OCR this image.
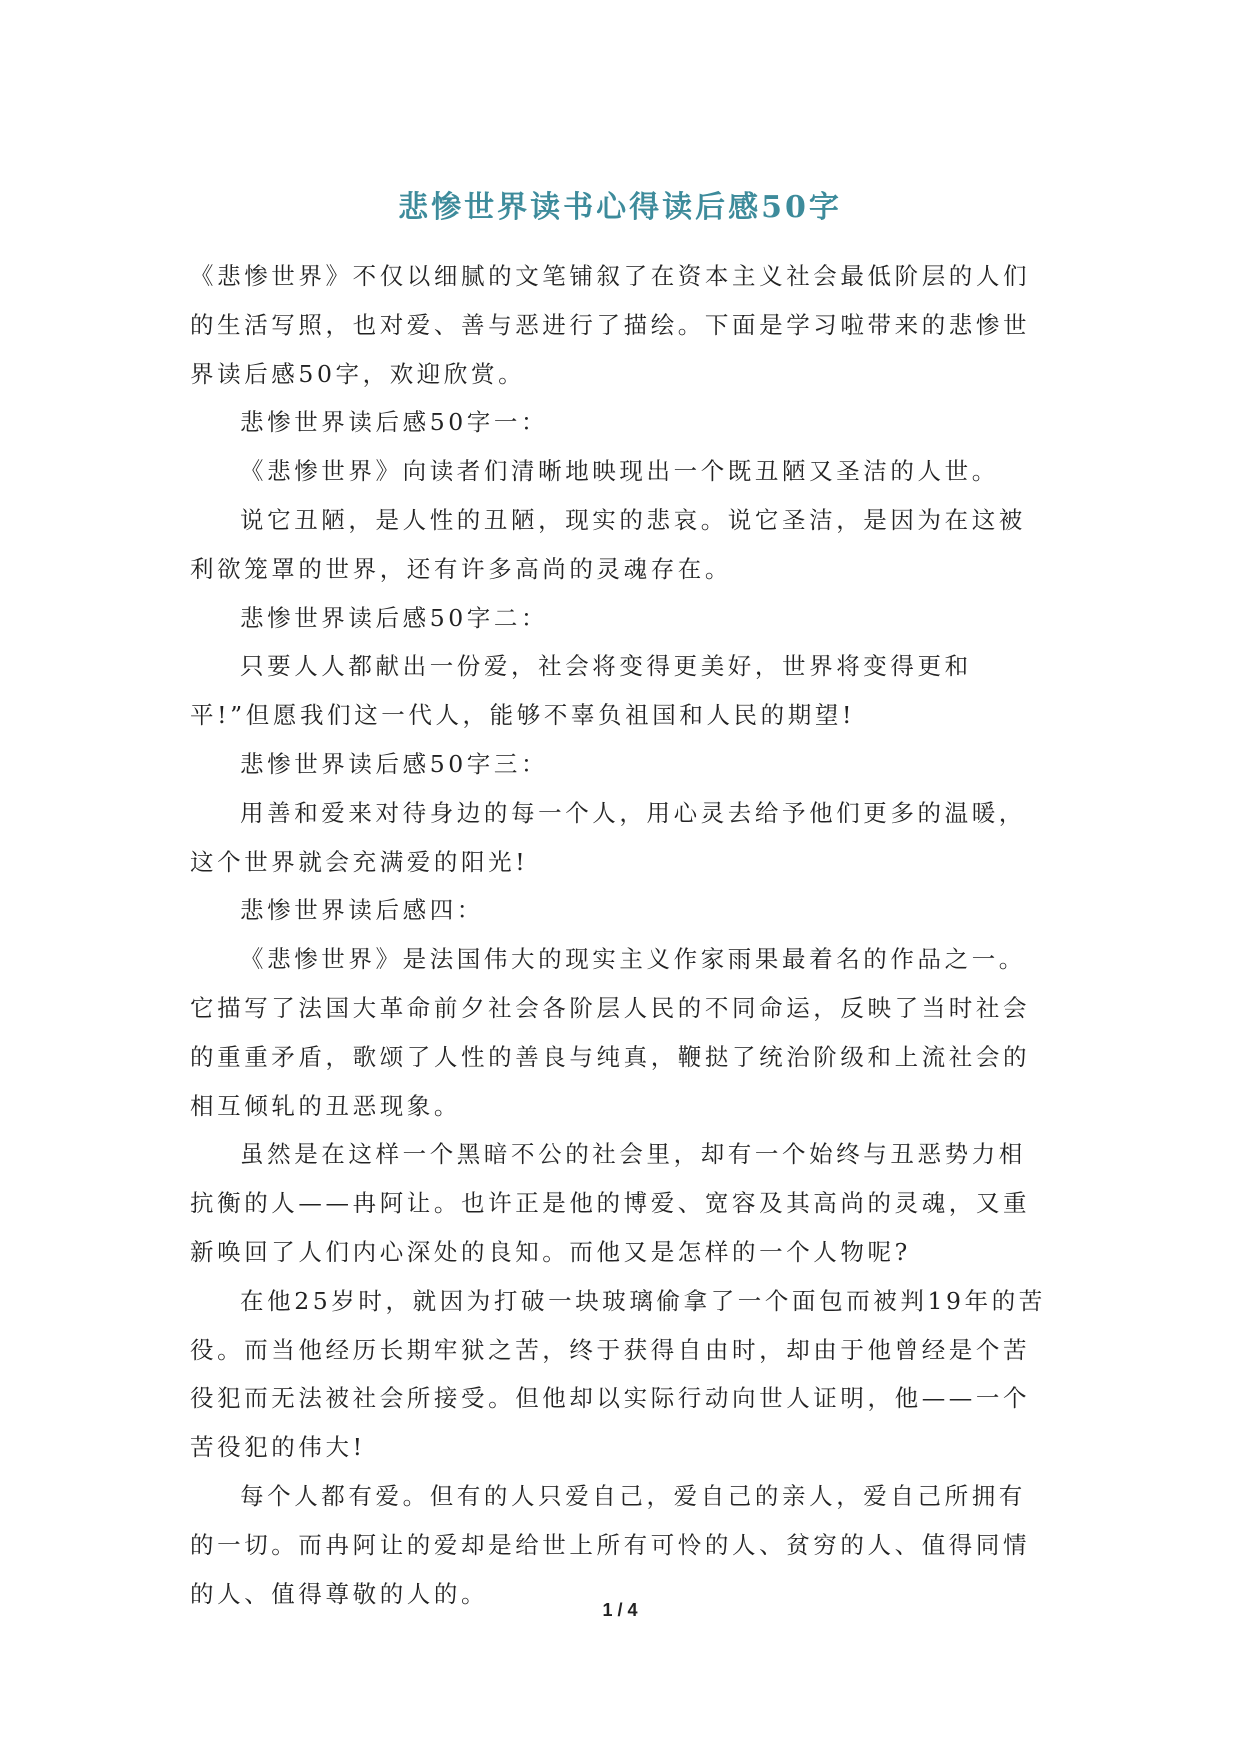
悲惨世界读书心得读后感50字

《悲惨世界》不仅以细腻的文笔铺叙了在资本主义社会最低阶层的人们的生活写照，也对爱、善与恶进行了描绘。下面是学习啦带来的悲惨世界读后感50字，欢迎欣赏。

悲惨世界读后感50字一：

《悲惨世界》向读者们清晰地映现出一个既丑陋又圣洁的人世。

说它丑陋，是人性的丑陋，现实的悲哀。说它圣洁，是因为在这被利欲笼罩的世界，还有许多高尚的灵魂存在。

悲惨世界读后感50字二：

只要人人都献出一份爱，社会将变得更美好，世界将变得更和平!”但愿我们这一代人，能够不辜负祖国和人民的期望!

悲惨世界读后感50字三：

用善和爱来对待身边的每一个人，用心灵去给予他们更多的温暖，这个世界就会充满爱的阳光!

悲惨世界读后感四：

《悲惨世界》是法国伟大的现实主义作家雨果最着名的作品之一。它描写了法国大革命前夕社会各阶层人民的不同命运，反映了当时社会的重重矛盾，歌颂了人性的善良与纯真，鞭挞了统治阶级和上流社会的相互倾轧的丑恶现象。

虽然是在这样一个黑暗不公的社会里，却有一个始终与丑恶势力相抗衡的人——冉阿让。也许正是他的博爱、宽容及其高尚的灵魂，又重新唤回了人们内心深处的良知。而他又是怎样的一个人物呢?

在他25岁时，就因为打破一块玻璃偷拿了一个面包而被判19年的苦役。而当他经历长期牢狱之苦，终于获得自由时，却由于他曾经是个苦役犯而无法被社会所接受。但他却以实际行动向世人证明，他——一个苦役犯的伟大!

每个人都有爱。但有的人只爱自己，爱自己的亲人，爱自己所拥有的一切。而冉阿让的爱却是给世上所有可怜的人、贫穷的人、值得同情的人、值得尊敬的人的。

1 / 4
